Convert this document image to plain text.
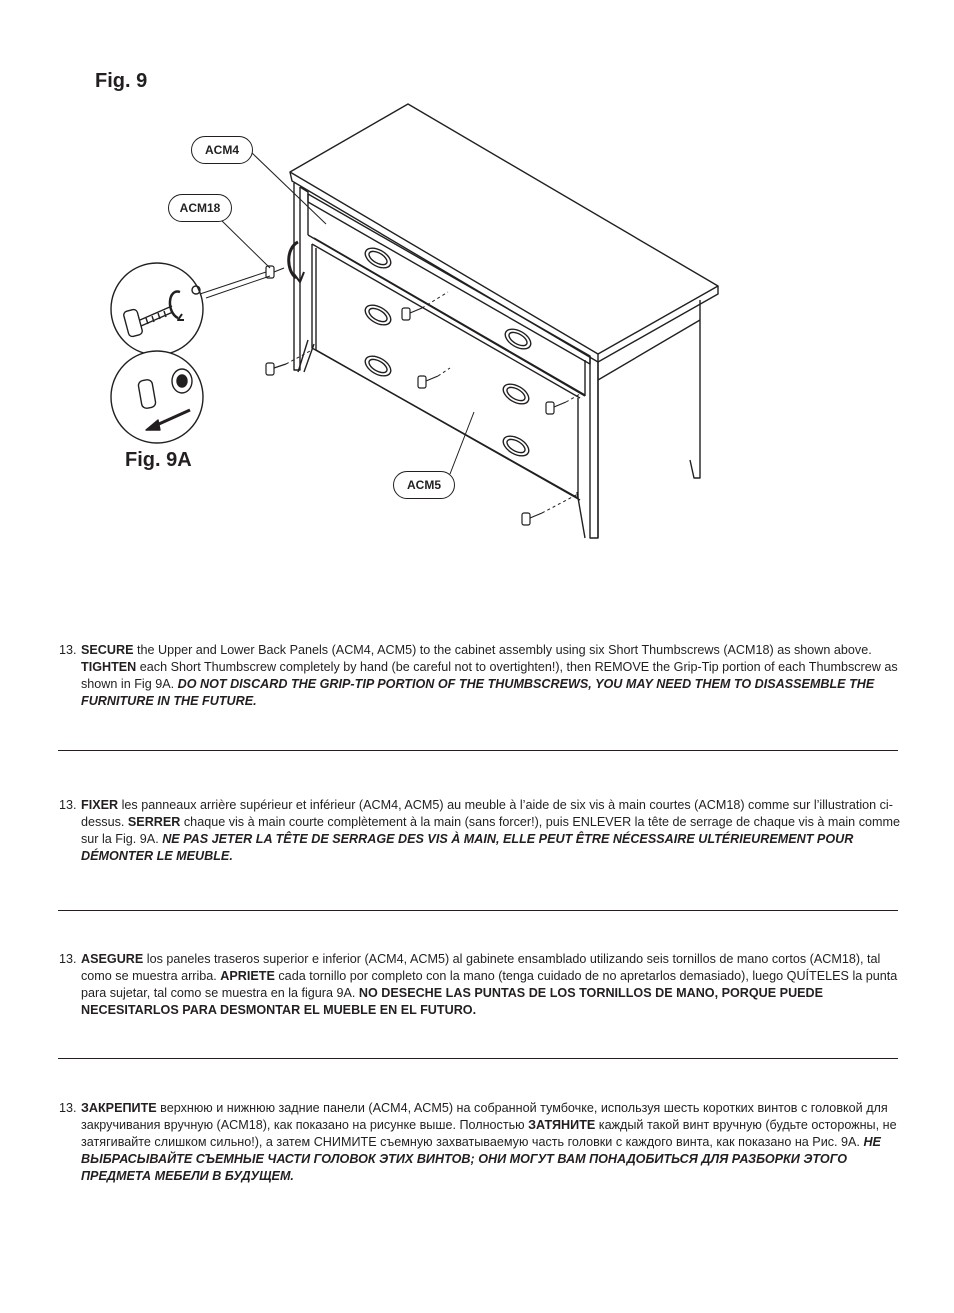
Fig. 9
Fig. 9A
ACM4
ACM18
ACM5
13. SECURE the Upper and Lower Back Panels (ACM4, ACM5) to the cabinet assembly using six Short Thumbscrews (ACM18) as shown above. TIGHTEN each Short Thumbscrew completely by hand (be careful not to overtighten!), then REMOVE the Grip-Tip portion of each Thumbscrew as shown in Fig 9A. DO NOT DISCARD THE GRIP-TIP PORTION OF THE THUMBSCREWS, YOU MAY NEED THEM TO DISASSEMBLE THE FURNITURE IN THE FUTURE.
13. FIXER les panneaux arrière supérieur et inférieur (ACM4, ACM5) au meuble à l’aide de six vis à main courtes (ACM18) comme sur l’illustration ci-dessus. SERRER chaque vis à main courte complètement à la main (sans forcer!), puis ENLEVER la tête de serrage de chaque vis à main comme sur la Fig. 9A. NE PAS JETER LA TÊTE DE SERRAGE DES VIS À MAIN, ELLE PEUT ÊTRE NÉCESSAIRE ULTÉRIEUREMENT POUR DÉMONTER LE MEUBLE.
13. ASEGURE los paneles traseros superior e inferior (ACM4, ACM5) al gabinete ensamblado utilizando seis tornillos de mano cortos (ACM18), tal como se muestra arriba. APRIETE cada tornillo por completo con la mano (tenga cuidado de no apretarlos demasiado), luego QUÍTELES la punta para sujetar, tal como se muestra en la figura 9A. NO DESECHE LAS PUNTAS DE LOS TORNILLOS DE MANO, PORQUE PUEDE NECESITARLOS PARA DESMONTAR EL MUEBLE EN EL FUTURO.
13. ЗАКРЕПИТЕ верхнюю и нижнюю задние панели (ACM4, ACM5) на собранной тумбочке, используя шесть коротких винтов с головкой для закручивания вручную (ACM18), как показано на рисунке выше. Полностью ЗАТЯНИТЕ каждый такой винт вручную (будьте осторожны, не затягивайте слишком сильно!), а затем СНИМИТЕ съемную захватываемую часть головки с каждого винта, как показано на Рис. 9A. НЕ ВЫБРАСЫВАЙТЕ СЪЕМНЫЕ ЧАСТИ ГОЛОВОК ЭТИХ ВИНТОВ; ОНИ МОГУТ ВАМ ПОНАДОБИТЬСЯ ДЛЯ РАЗБОРКИ ЭТОГО ПРЕДМЕТА МЕБЕЛИ В БУДУЩЕМ.
